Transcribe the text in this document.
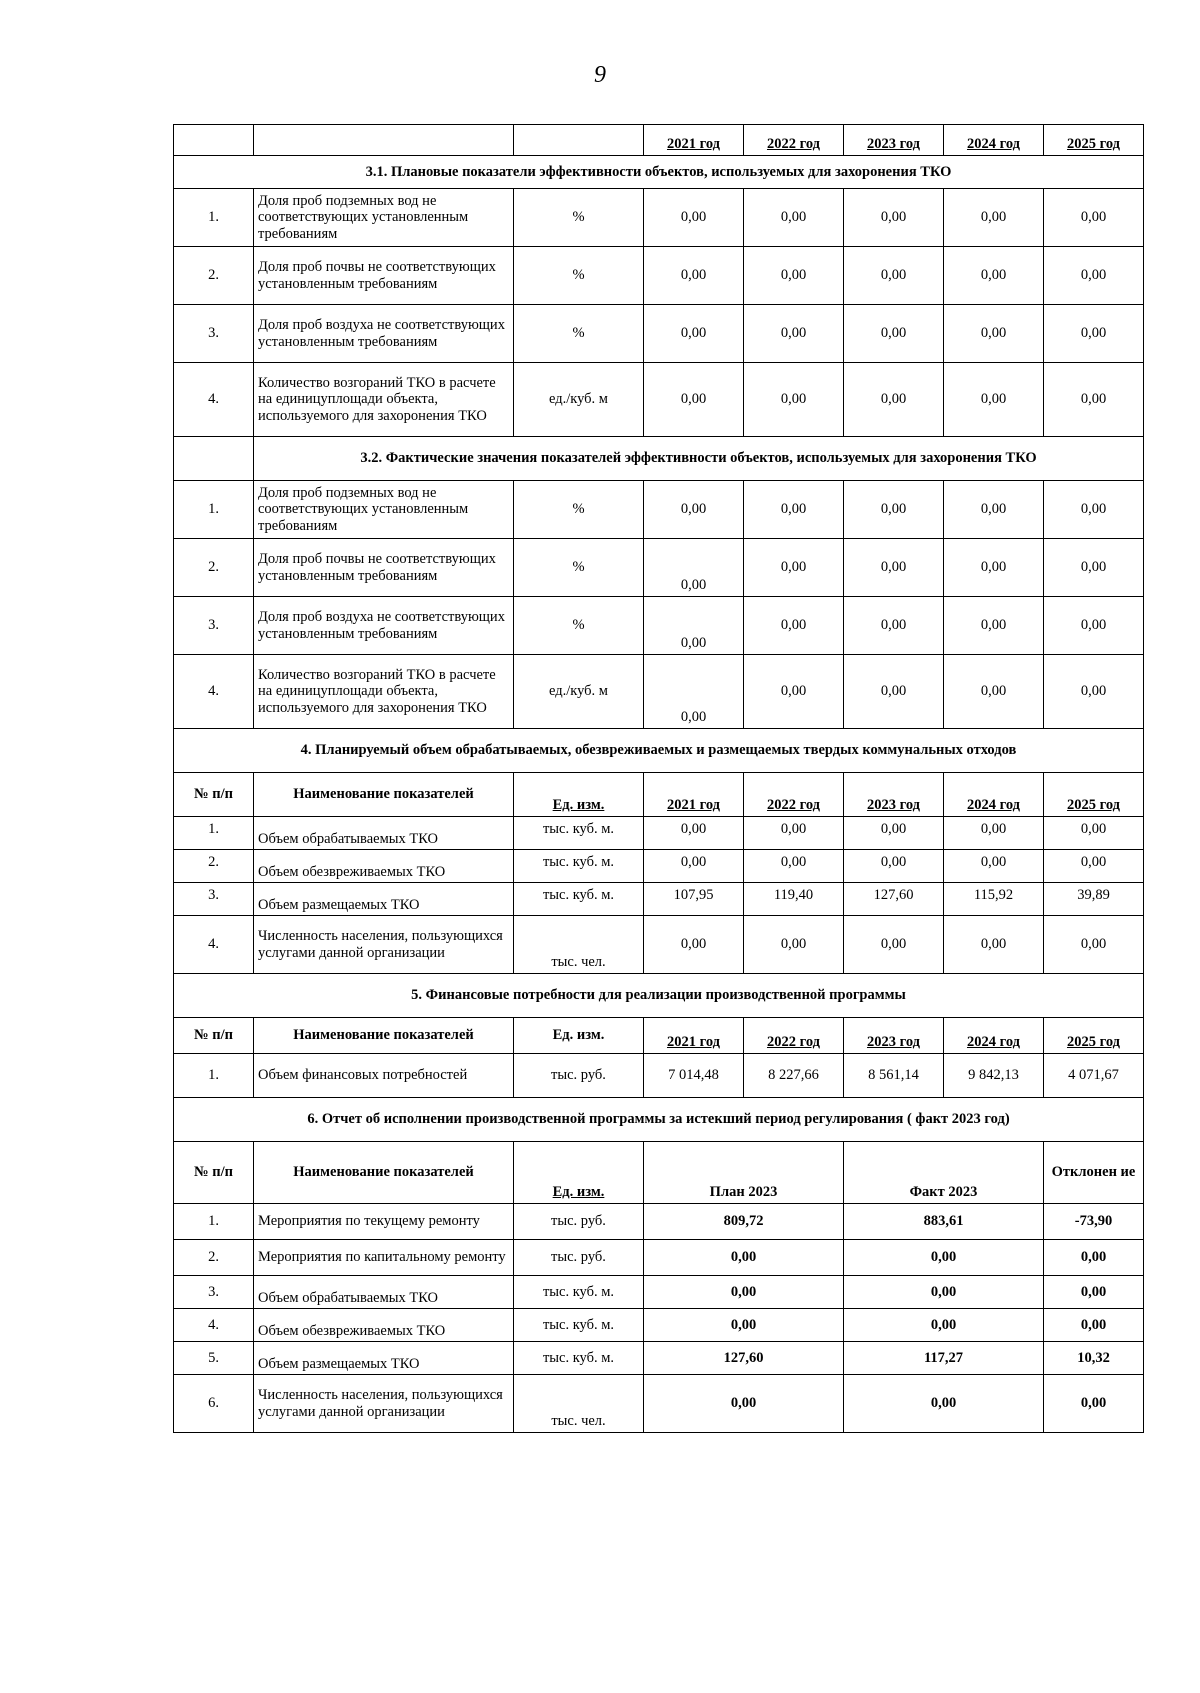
9
			2021 год	2022 год	2023 год	2024 год	2025 год
3.1. Плановые показатели эффективности объектов, используемых для захоронения ТКО							
1.	Доля проб подземных вод не соответствующих установленным требованиям	%	0,00	0,00	0,00	0,00	0,00
2.	Доля проб почвы не соответствующих установленным требованиям	%	0,00	0,00	0,00	0,00	0,00
3.	Доля проб воздуха не соответствующих установленным требованиям	%	0,00	0,00	0,00	0,00	0,00
4.	Количество возгораний ТКО в расчете на единицуплощади объекта, используемого для захоронения ТКО	ед./куб. м	0,00	0,00	0,00	0,00	0,00
	3.2. Фактические значения показателей эффективности объектов, используемых для захоронения ТКО						
1.	Доля проб подземных вод не соответствующих установленным требованиям	%	0,00	0,00	0,00	0,00	0,00
2.	Доля проб почвы не соответствующих установленным требованиям	%	0,00	0,00	0,00	0,00	0,00
3.	Доля проб воздуха не соответствующих установленным требованиям	%	0,00	0,00	0,00	0,00	0,00
4.	Количество возгораний ТКО в расчете на единицуплощади объекта, используемого для захоронения ТКО	ед./куб. м	0,00	0,00	0,00	0,00	0,00
4. Планируемый объем обрабатываемых, обезвреживаемых и размещаемых твердых коммунальных отходов							
№ п/п	Наименование показателей	Ед. изм.	2021 год	2022 год	2023 год	2024 год	2025 год
1.	Объем обрабатываемых ТКО	тыс. куб. м.	0,00	0,00	0,00	0,00	0,00
2.	Объем обезвреживаемых ТКО	тыс. куб. м.	0,00	0,00	0,00	0,00	0,00
3.	Объем размещаемых ТКО	тыс. куб. м.	107,95	119,40	127,60	115,92	39,89
4.	Численность населения, пользующихся услугами данной организации	тыс. чел.	0,00	0,00	0,00	0,00	0,00
5. Финансовые потребности для реализации производственной программы							
№ п/п	Наименование показателей	Ед. изм.	2021 год	2022 год	2023 год	2024 год	2025 год
1.	Объем финансовых потребностей	тыс. руб.	7 014,48	8 227,66	8 561,14	9 842,13	4 071,67
6. Отчет об исполнении производственной программы за истекший период регулирования ( факт 2023 год)							
№ п/п	Наименование показателей	Ед. изм.	План 2023		Факт 2023		Отклонен ие
1.	Мероприятия по текущему ремонту	тыс. руб.	809,72		883,61		-73,90
2.	Мероприятия по капитальному ремонту	тыс. руб.	0,00		0,00		0,00
3.	Объем обрабатываемых ТКО	тыс. куб. м.	0,00		0,00		0,00
4.	Объем обезвреживаемых ТКО	тыс. куб. м.	0,00		0,00		0,00
5.	Объем размещаемых ТКО	тыс. куб. м.	127,60		117,27		10,32
6.	Численность населения, пользующихся услугами данной организации	тыс. чел.	0,00		0,00		0,00
